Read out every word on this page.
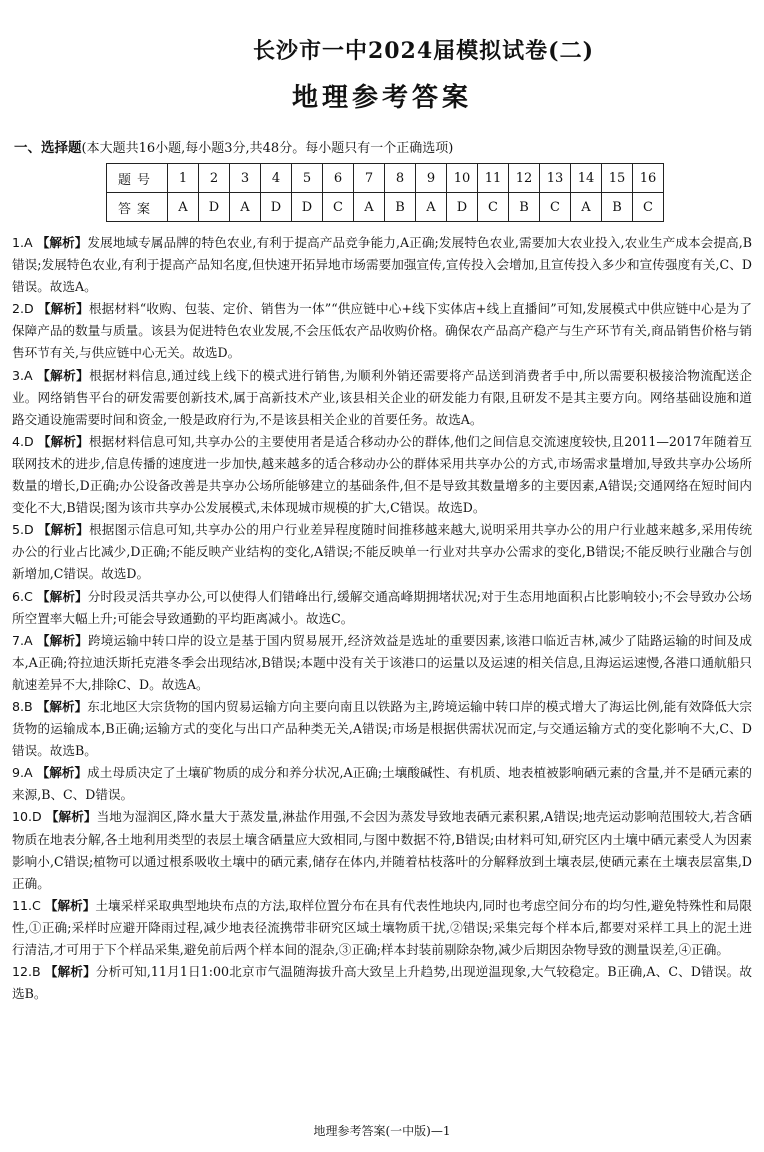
长沙市一中2024届模拟试卷(二)
地理参考答案
一、选择题(本大题共16小题,每小题3分,共48分。每小题只有一个正确选项)
题号	1	2	3	4	5	6	7	8	9	10	11	12	13	14	15	16
答案	A	D	A	D	D	C	A	B	A	D	C	B	C	A	B	C
1.A 【解析】发展地域专属品牌的特色农业,有利于提高产品竞争能力,A正确;发展特色农业,需要加大农业投入,农业生产成本会提高,B错误;发展特色农业,有利于提高产品知名度,但快速开拓异地市场需要加强宣传,宣传投入会增加,且宣传投入多少和宣传强度有关,C、D错误。故选A。
2.D 【解析】根据材料“收购、包装、定价、销售为一体”“供应链中心+线下实体店+线上直播间”可知,发展模式中供应链中心是为了保障产品的数量与质量。该县为促进特色农业发展,不会压低农产品收购价格。确保农产品高产稳产与生产环节有关,商品销售价格与销售环节有关,与供应链中心无关。故选D。
3.A 【解析】根据材料信息,通过线上线下的模式进行销售,为顺利外销还需要将产品送到消费者手中,所以需要积极接洽物流配送企业。网络销售平台的研发需要创新技术,属于高新技术产业,该县相关企业的研发能力有限,且研发不是其主要方向。网络基础设施和道路交通设施需要时间和资金,一般是政府行为,不是该县相关企业的首要任务。故选A。
4.D 【解析】根据材料信息可知,共享办公的主要使用者是适合移动办公的群体,他们之间信息交流速度较快,且2011—2017年随着互联网技术的进步,信息传播的速度进一步加快,越来越多的适合移动办公的群体采用共享办公的方式,市场需求量增加,导致共享办公场所数量的增长,D正确;办公设备改善是共享办公场所能够建立的基础条件,但不是导致其数量增多的主要因素,A错误;交通网络在短时间内变化不大,B错误;图为该市共享办公发展模式,未体现城市规模的扩大,C错误。故选D。
5.D 【解析】根据图示信息可知,共享办公的用户行业差异程度随时间推移越来越大,说明采用共享办公的用户行业越来越多,采用传统办公的行业占比减少,D正确;不能反映产业结构的变化,A错误;不能反映单一行业对共享办公需求的变化,B错误;不能反映行业融合与创新增加,C错误。故选D。
6.C 【解析】分时段灵活共享办公,可以使得人们错峰出行,缓解交通高峰期拥堵状况;对于生态用地面积占比影响较小;不会导致办公场所空置率大幅上升;可能会导致通勤的平均距离减小。故选C。
7.A 【解析】跨境运输中转口岸的设立是基于国内贸易展开,经济效益是选址的重要因素,该港口临近吉林,减少了陆路运输的时间及成本,A正确;符拉迪沃斯托克港冬季会出现结冰,B错误;本题中没有关于该港口的运量以及运速的相关信息,且海运运速慢,各港口通航船只航速差异不大,排除C、D。故选A。
8.B 【解析】东北地区大宗货物的国内贸易运输方向主要向南且以铁路为主,跨境运输中转口岸的模式增大了海运比例,能有效降低大宗货物的运输成本,B正确;运输方式的变化与出口产品种类无关,A错误;市场是根据供需状况而定,与交通运输方式的变化影响不大,C、D错误。故选B。
9.A 【解析】成土母质决定了土壤矿物质的成分和养分状况,A正确;土壤酸碱性、有机质、地表植被影响硒元素的含量,并不是硒元素的来源,B、C、D错误。
10.D 【解析】当地为湿润区,降水量大于蒸发量,淋盐作用强,不会因为蒸发导致地表硒元素积累,A错误;地壳运动影响范围较大,若含硒物质在地表分解,各土地利用类型的表层土壤含硒量应大致相同,与图中数据不符,B错误;由材料可知,研究区内土壤中硒元素受人为因素影响小,C错误;植物可以通过根系吸收土壤中的硒元素,储存在体内,并随着枯枝落叶的分解释放到土壤表层,使硒元素在土壤表层富集,D正确。
11.C 【解析】土壤采样采取典型地块布点的方法,取样位置分布在具有代表性地块内,同时也考虑空间分布的均匀性,避免特殊性和局限性,①正确;采样时应避开降雨过程,减少地表径流携带非研究区域土壤物质干扰,②错误;采集完每个样本后,都要对采样工具上的泥土进行清洁,才可用于下个样品采集,避免前后两个样本间的混杂,③正确;样本封装前剔除杂物,减少后期因杂物导致的测量误差,④正确。
12.B 【解析】分析可知,11月1日1:00北京市气温随海拔升高大致呈上升趋势,出现逆温现象,大气较稳定。B正确,A、C、D错误。故选B。
地理参考答案(一中版)—1
